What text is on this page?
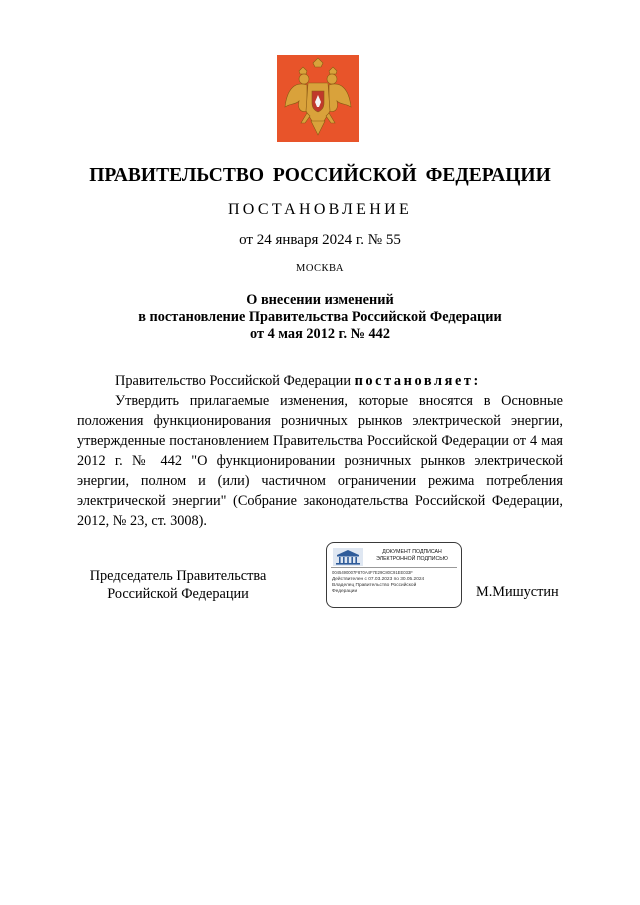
ПРАВИТЕЛЬСТВО РОССИЙСКОЙ ФЕДЕРАЦИИ
ПОСТАНОВЛЕНИЕ
от 24 января 2024 г. № 55
МОСКВА
О внесении изменений
в постановление Правительства Российской Федерации
от 4 мая 2012 г. № 442

Правительство Российской Федерации постановляет:

Утвердить прилагаемые изменения, которые вносятся в Основные положения функционирования розничных рынков электрической энергии, утвержденные постановлением Правительства Российской Федерации от 4 мая 2012 г. № 442 "О функционировании розничных рынков электрической энергии, полном и (или) частичном ограничении режима потребления электрической энергии" (Собрание законодательства Российской Федерации, 2012, № 23, ст. 3008).

Председатель Правительства
Российской Федерации
ДОКУМЕНТ ПОДПИСАН
ЭЛЕКТРОННОЙ ПОДПИСЬЮ
0045490007F870A4F7E29C80C91EE033F
Действителен с 07.03.2023 по 30.05.2024
Владелец Правительство Российской
Федерации	М.Мишустин
